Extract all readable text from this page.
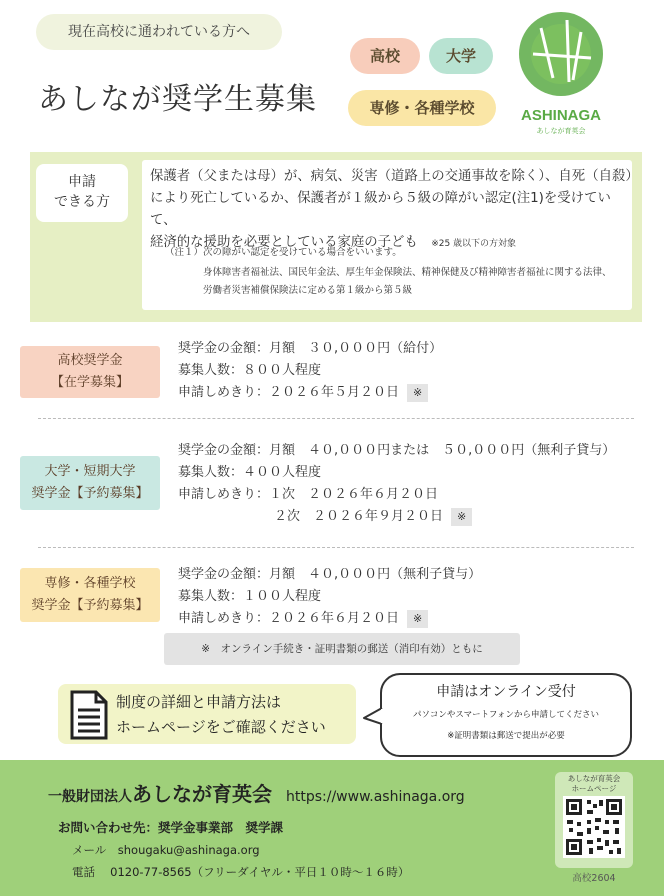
現在高校に通われている方へ
あしなが奨学生募集
高校	大学
専修・各種学校	ASHINAGA
あしなが育英会
申請
できる方
保護者（父または母）が、病気、災害（道路上の交通事故を除く）、自死（自殺）
により死亡しているか、保護者が１級から５級の障がい認定(注1)を受けていて、
経済的な援助を必要としている家庭の子ども　 ※25 歳以下の方対象
（注１）次の障がい認定を受けている場合をいいます。
身体障害者福祉法、国民年金法、厚生年金保険法、精神保健及び精神障害者福祉に関する法律、
労働者災害補償保険法に定める第１級から第５級
高校奨学金
【在学募集】
奨学金の金額：月額　３０,０００円（給付）
募集人数：８００人程度
申請しめきり：２０２６年５月２０日 ※
大学・短期大学
奨学金【予約募集】
奨学金の金額：月額　４０,０００円または　５０,０００円（無利子貸与）
募集人数：４００人程度
申請しめきり：１次　２０２６年６月２０日
２次　２０２６年９月２０日 ※
専修・各種学校
奨学金【予約募集】
奨学金の金額：月額　４０,０００円（無利子貸与）
募集人数：１００人程度
申請しめきり：２０２６年６月２０日 ※
※　オンライン手続き・証明書類の郵送（消印有効）ともに
制度の詳細と申請方法は
ホームページをご確認ください
申請はオンライン受付
パソコンやスマートフォンから申請してください
※証明書類は郵送で提出が必要
一般財団法人あしなが育英会　 https://www.ashinaga.org
お問い合わせ先：奨学金事業部　奨学課
メール　shougaku@ashinaga.org
電話　 0120-77-8565（フリーダイヤル・平日１０時〜１６時）
あしなが育英会
ホームページ
高校2604
